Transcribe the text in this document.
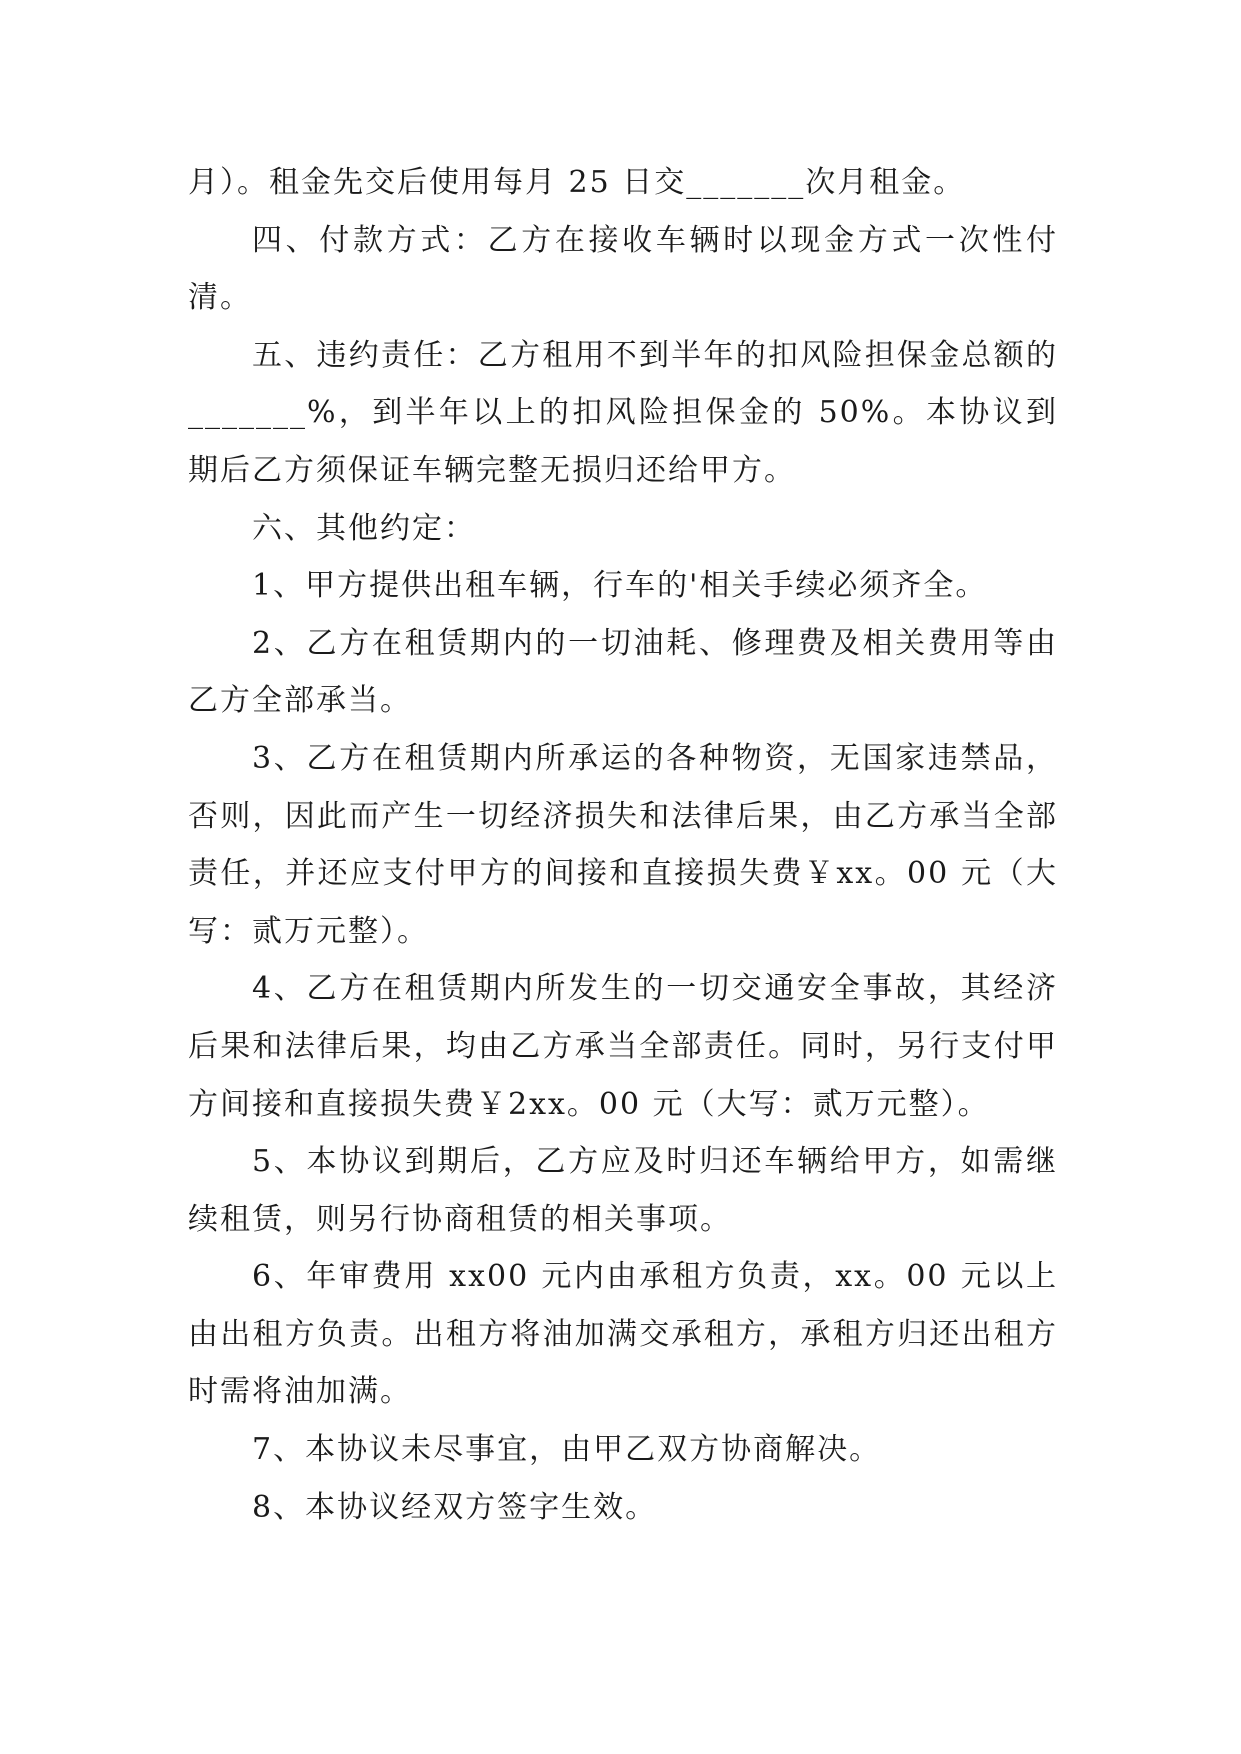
月）。租金先交后使用每月 25 日交_______次月租金。

四、付款方式：乙方在接收车辆时以现金方式一次性付清。

五、违约责任：乙方租用不到半年的扣风险担保金总额的_______%，到半年以上的扣风险担保金的 50%。本协议到期后乙方须保证车辆完整无损归还给甲方。

六、其他约定：

1、甲方提供出租车辆，行车的'相关手续必须齐全。

2、乙方在租赁期内的一切油耗、修理费及相关费用等由乙方全部承当。

3、乙方在租赁期内所承运的各种物资，无国家违禁品，否则，因此而产生一切经济损失和法律后果，由乙方承当全部责任，并还应支付甲方的间接和直接损失费￥xx。00 元（大写：贰万元整）。

4、乙方在租赁期内所发生的一切交通安全事故，其经济后果和法律后果，均由乙方承当全部责任。同时，另行支付甲方间接和直接损失费￥2xx。00 元（大写：贰万元整）。

5、本协议到期后，乙方应及时归还车辆给甲方，如需继续租赁，则另行协商租赁的相关事项。

6、年审费用 xx00 元内由承租方负责，xx。00 元以上由出租方负责。出租方将油加满交承租方，承租方归还出租方时需将油加满。

7、本协议未尽事宜，由甲乙双方协商解决。

8、本协议经双方签字生效。
